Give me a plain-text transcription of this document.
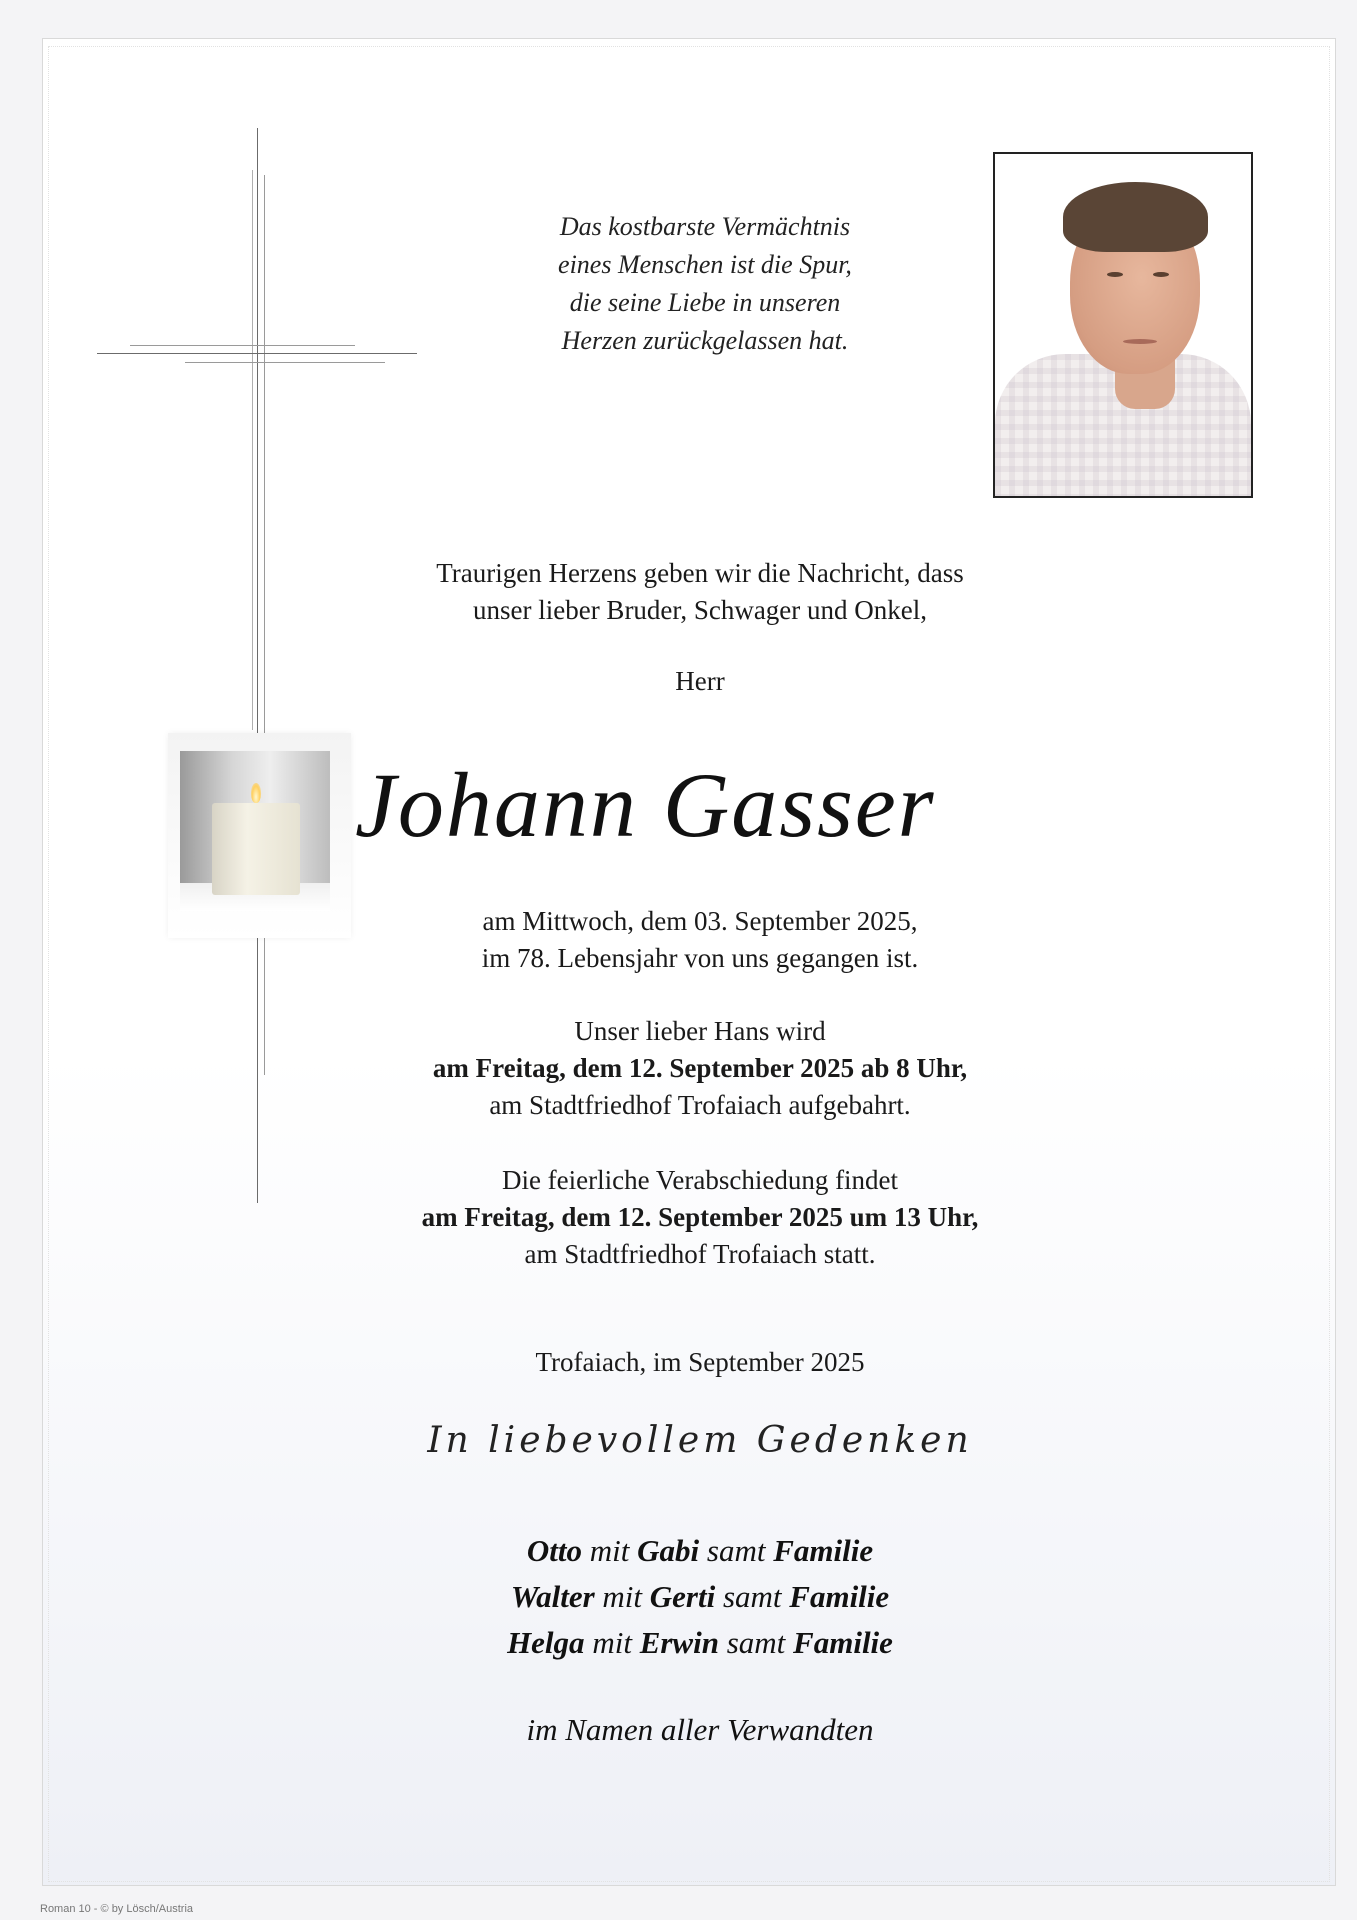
Das kostbarste Vermächtnis
eines Menschen ist die Spur,
die seine Liebe in unseren
Herzen zurückgelassen hat.

Traurigen Herzens geben wir die Nachricht, dass
unser lieber Bruder, Schwager und Onkel,

Herr

Johann Gasser

am Mittwoch, dem 03. September 2025,
im 78. Lebensjahr von uns gegangen ist.

Unser lieber Hans wird
am Freitag, dem 12. September 2025 ab 8 Uhr,
am Stadtfriedhof Trofaiach aufgebahrt.

Die feierliche Verabschiedung findet
am Freitag, dem 12. September 2025 um 13 Uhr,
am Stadtfriedhof Trofaiach statt.

Trofaiach, im September 2025

In liebevollem Gedenken

Otto mit Gabi samt Familie
Walter mit Gerti samt Familie
Helga mit Erwin samt Familie

im Namen aller Verwandten

Roman 10 - © by Lösch/Austria
